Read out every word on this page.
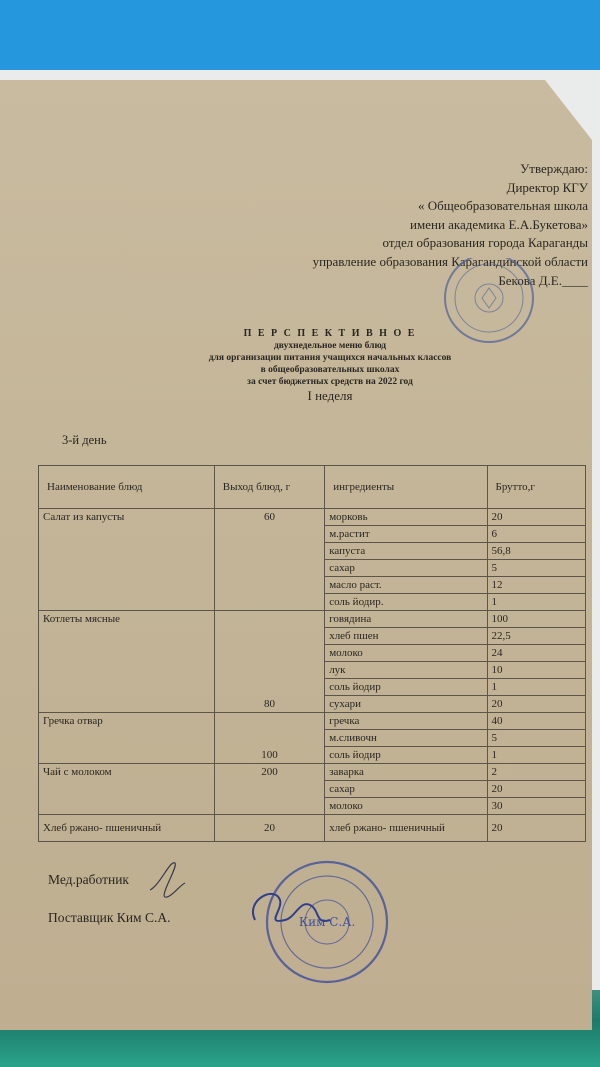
Утверждаю:
Директор КГУ
« Общеобразовательная школа
имени академика Е.А.Букетова»
отдел образования города Караганды
управление образования Карагандинской области
Бекова Д.Е.____
П Е Р С П Е К Т И В Н О Е
двухнедельное меню блюд
для организации питания учащихся начальных классов
в общеобразовательных школах
за счет бюджетных средств на 2022 год
I неделя
3-й день
Наименование блюд	Выход блюд, г	ингредиенты	Брутто,г
Салат из капусты	60	морковь	20
		м.растит	6
		капуста	56,8
		сахар	5
		масло раст.	12
		соль йодир.	1
Котлеты мясные	80	говядина	100
		хлеб пшен	22,5
		молоко	24
		лук	10
		соль йодир	1
		сухари	20
Гречка отвар	100	гречка	40
		м.сливочн	5
		соль йодир	1
Чай с молоком	200	заварка	2
		сахар	20
		молоко	30
Хлеб ржано- пшеничный	20	хлеб ржано- пшеничный	20
Мед.работник
Поставщик Ким С.А.	Ким С.А.
